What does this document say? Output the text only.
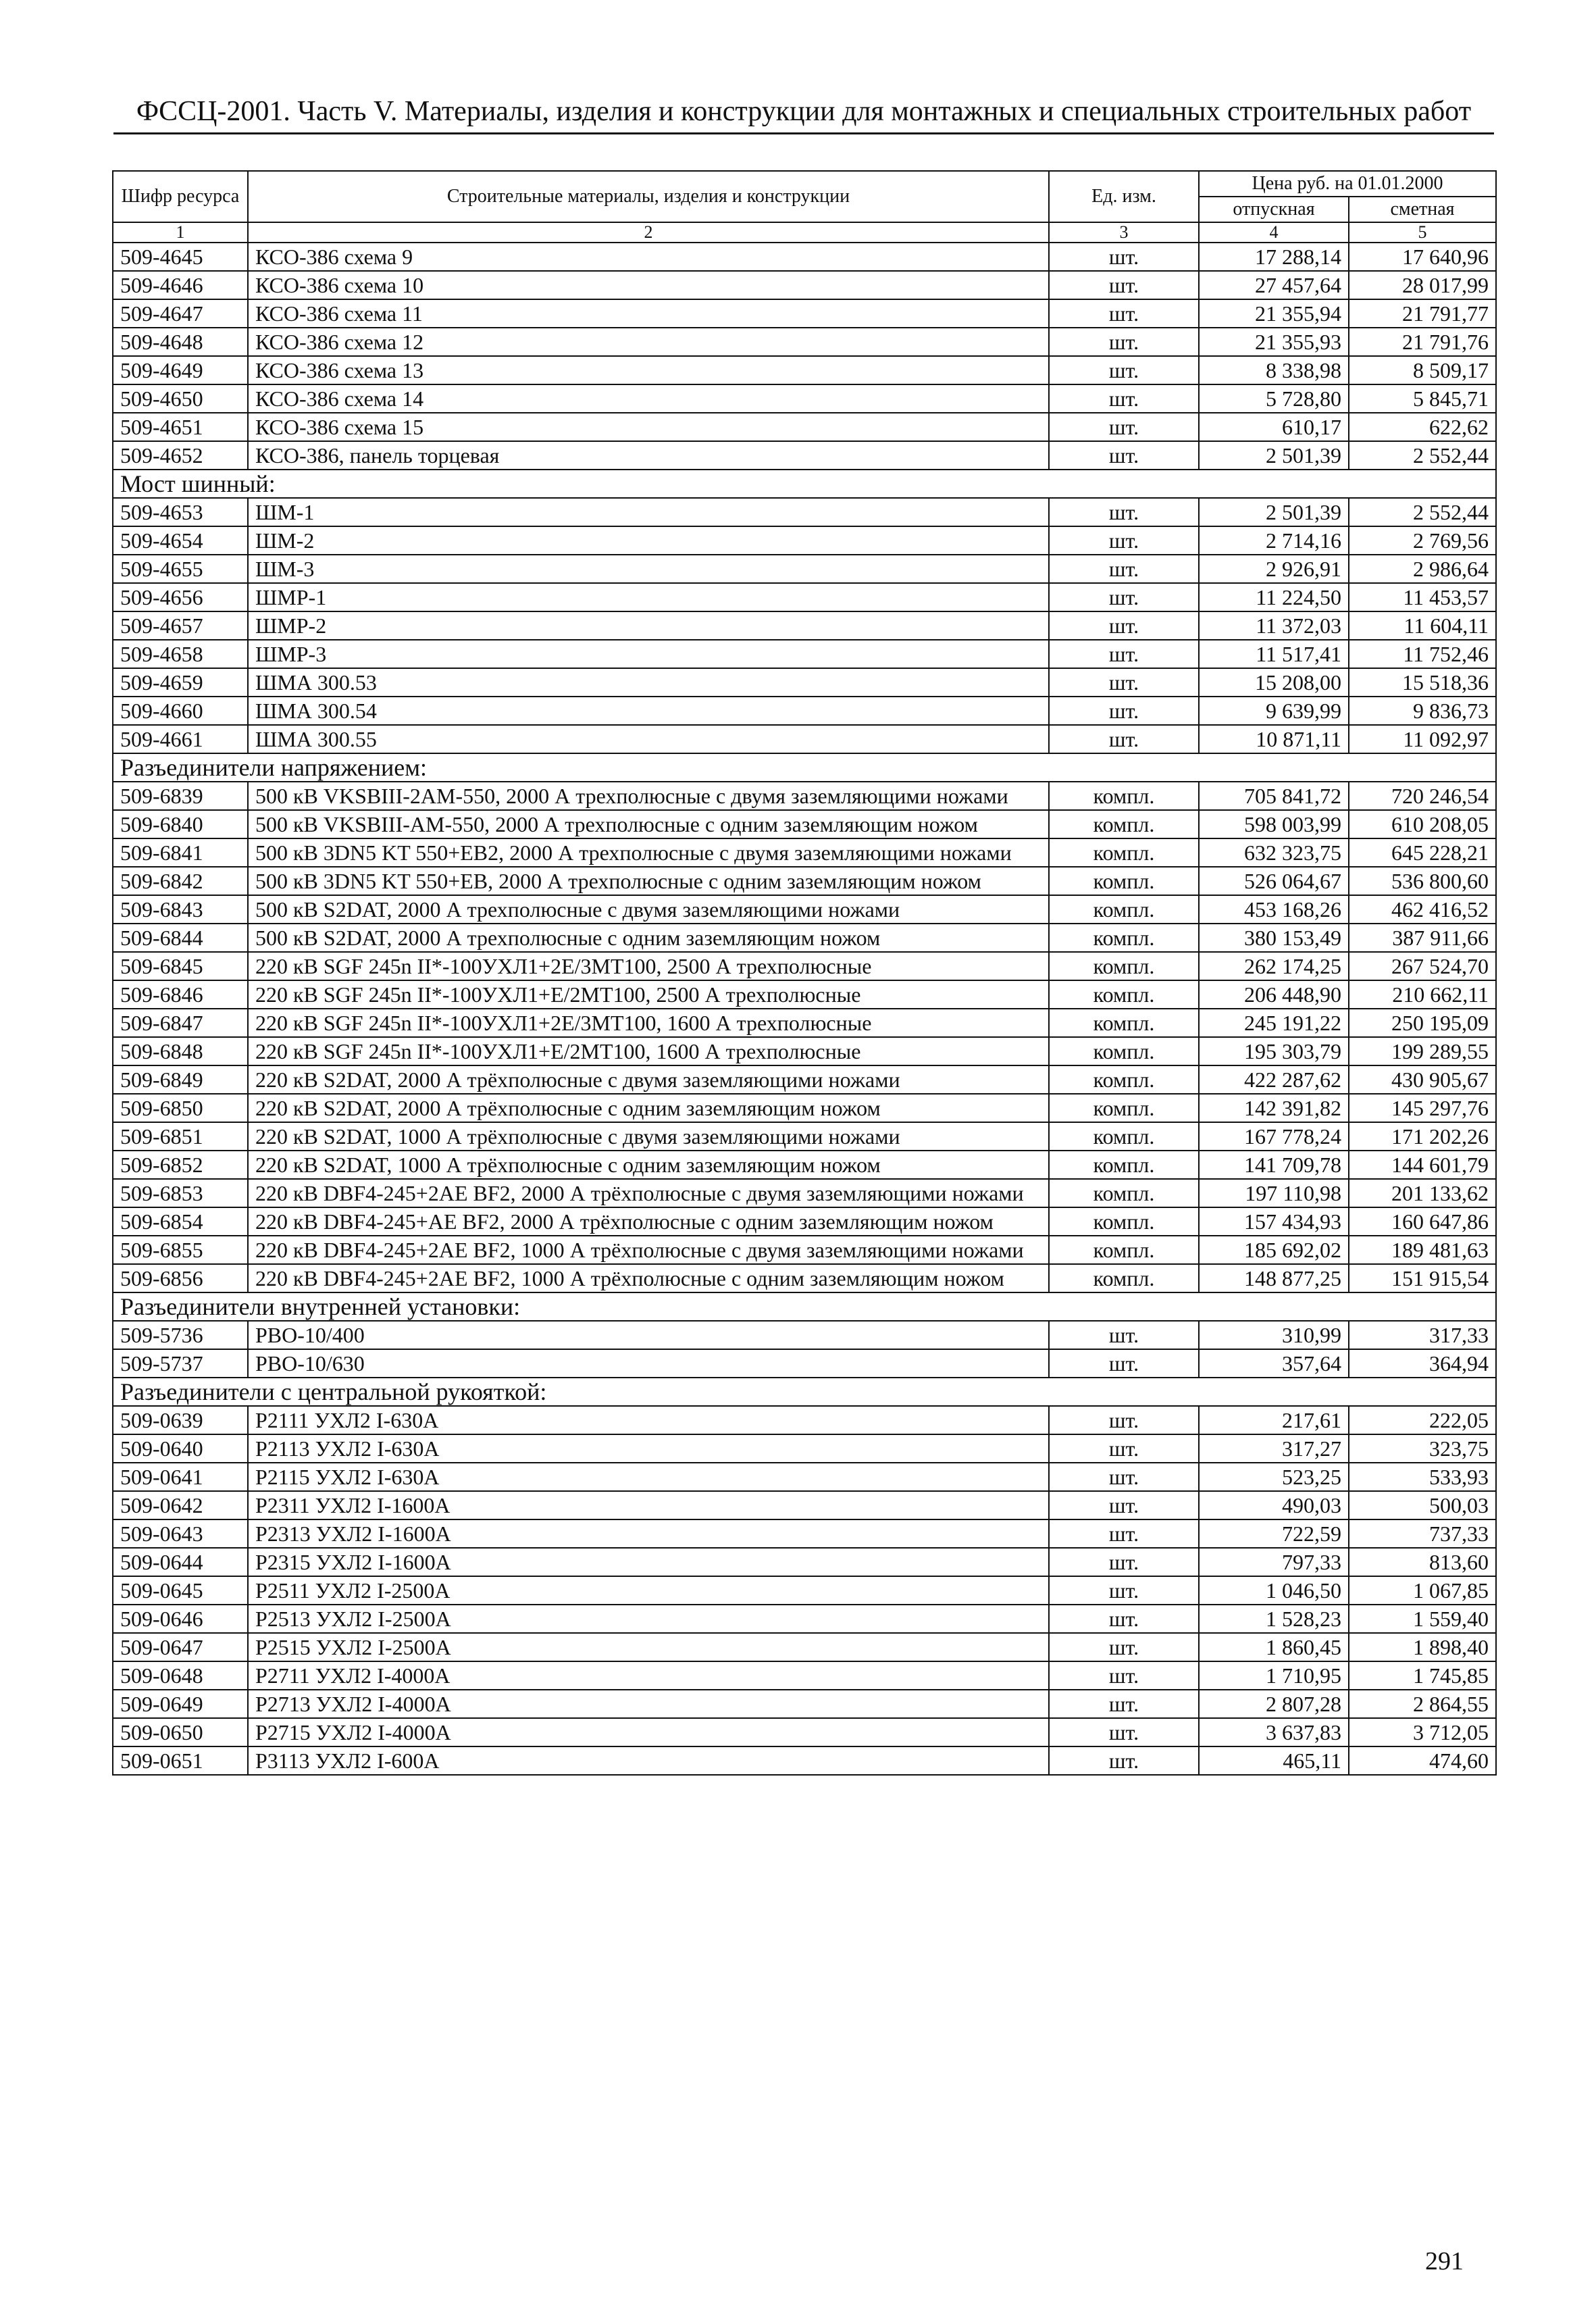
ФССЦ-2001. Часть V. Материалы, изделия и конструкции для монтажных и специальных строительных работ
Шифр ресурса	Строительные материалы, изделия и конструкции	Ед. изм.	Цена руб. на 01.01.2000	
			отпускная	сметная
1	2	3	4	5
509-4645	КСО-386 схема 9	шт.	17 288,14	17 640,96
509-4646	КСО-386 схема 10	шт.	27 457,64	28 017,99
509-4647	КСО-386 схема 11	шт.	21 355,94	21 791,77
509-4648	КСО-386 схема 12	шт.	21 355,93	21 791,76
509-4649	КСО-386 схема 13	шт.	8 338,98	8 509,17
509-4650	КСО-386 схема 14	шт.	5 728,80	5 845,71
509-4651	КСО-386 схема 15	шт.	610,17	622,62
509-4652	КСО-386, панель торцевая	шт.	2 501,39	2 552,44
Мост шинный:				
509-4653	ШМ-1	шт.	2 501,39	2 552,44
509-4654	ШМ-2	шт.	2 714,16	2 769,56
509-4655	ШМ-3	шт.	2 926,91	2 986,64
509-4656	ШМР-1	шт.	11 224,50	11 453,57
509-4657	ШМР-2	шт.	11 372,03	11 604,11
509-4658	ШМР-3	шт.	11 517,41	11 752,46
509-4659	ШМА 300.53	шт.	15 208,00	15 518,36
509-4660	ШМА 300.54	шт.	9 639,99	9 836,73
509-4661	ШМА 300.55	шт.	10 871,11	11 092,97
Разъединители напряжением:				
509-6839	500 кВ VKSBIII-2AM-550, 2000 А трехполюсные с двумя заземляющими ножами	компл.	705 841,72	720 246,54
509-6840	500 кВ VKSBIII-AM-550, 2000 А трехполюсные с одним заземляющим ножом	компл.	598 003,99	610 208,05
509-6841	500 кВ 3DN5 KT 550+EB2, 2000 А трехполюсные с двумя заземляющими ножами	компл.	632 323,75	645 228,21
509-6842	500 кВ 3DN5 KT 550+EB, 2000 А трехполюсные с одним заземляющим ножом	компл.	526 064,67	536 800,60
509-6843	500 кВ S2DAT, 2000 А трехполюсные с двумя заземляющими ножами	компл.	453 168,26	462 416,52
509-6844	500 кВ S2DAT, 2000 А трехполюсные с одним заземляющим ножом	компл.	380 153,49	387 911,66
509-6845	220 кВ SGF 245n II*-100УХЛ1+2Е/3МТ100, 2500 А трехполюсные	компл.	262 174,25	267 524,70
509-6846	220 кВ SGF 245n II*-100УХЛ1+Е/2МТ100, 2500 А трехполюсные	компл.	206 448,90	210 662,11
509-6847	220 кВ SGF 245n II*-100УХЛ1+2Е/3МТ100, 1600 А трехполюсные	компл.	245 191,22	250 195,09
509-6848	220 кВ SGF 245n II*-100УХЛ1+Е/2МТ100, 1600 А трехполюсные	компл.	195 303,79	199 289,55
509-6849	220 кВ S2DAT, 2000 А трёхполюсные с двумя заземляющими ножами	компл.	422 287,62	430 905,67
509-6850	220 кВ S2DAT, 2000 А трёхполюсные с одним заземляющим ножом	компл.	142 391,82	145 297,76
509-6851	220 кВ S2DAT, 1000 А трёхполюсные с двумя заземляющими ножами	компл.	167 778,24	171 202,26
509-6852	220 кВ S2DAT, 1000 А трёхполюсные с одним заземляющим ножом	компл.	141 709,78	144 601,79
509-6853	220 кВ DBF4-245+2AE BF2, 2000 А трёхполюсные с двумя заземляющими ножами	компл.	197 110,98	201 133,62
509-6854	220 кВ DBF4-245+AE BF2, 2000 А трёхполюсные с одним заземляющим ножом	компл.	157 434,93	160 647,86
509-6855	220 кВ DBF4-245+2AE BF2, 1000 А трёхполюсные с двумя заземляющими ножами	компл.	185 692,02	189 481,63
509-6856	220 кВ DBF4-245+2AE BF2, 1000 А трёхполюсные с одним заземляющим ножом	компл.	148 877,25	151 915,54
Разъединители внутренней установки:				
509-5736	РВО-10/400	шт.	310,99	317,33
509-5737	РВО-10/630	шт.	357,64	364,94
Разъединители с центральной рукояткой:				
509-0639	Р2111 УХЛ2 I-630А	шт.	217,61	222,05
509-0640	Р2113 УХЛ2 I-630А	шт.	317,27	323,75
509-0641	Р2115 УХЛ2 I-630А	шт.	523,25	533,93
509-0642	Р2311 УХЛ2 I-1600А	шт.	490,03	500,03
509-0643	Р2313 УХЛ2 I-1600А	шт.	722,59	737,33
509-0644	Р2315 УХЛ2 I-1600А	шт.	797,33	813,60
509-0645	Р2511 УХЛ2 I-2500А	шт.	1 046,50	1 067,85
509-0646	Р2513 УХЛ2 I-2500А	шт.	1 528,23	1 559,40
509-0647	Р2515 УХЛ2 I-2500А	шт.	1 860,45	1 898,40
509-0648	Р2711 УХЛ2 I-4000А	шт.	1 710,95	1 745,85
509-0649	Р2713 УХЛ2 I-4000А	шт.	2 807,28	2 864,55
509-0650	Р2715 УХЛ2 I-4000А	шт.	3 637,83	3 712,05
509-0651	Р3113 УХЛ2 I-600А	шт.	465,11	474,60
291
